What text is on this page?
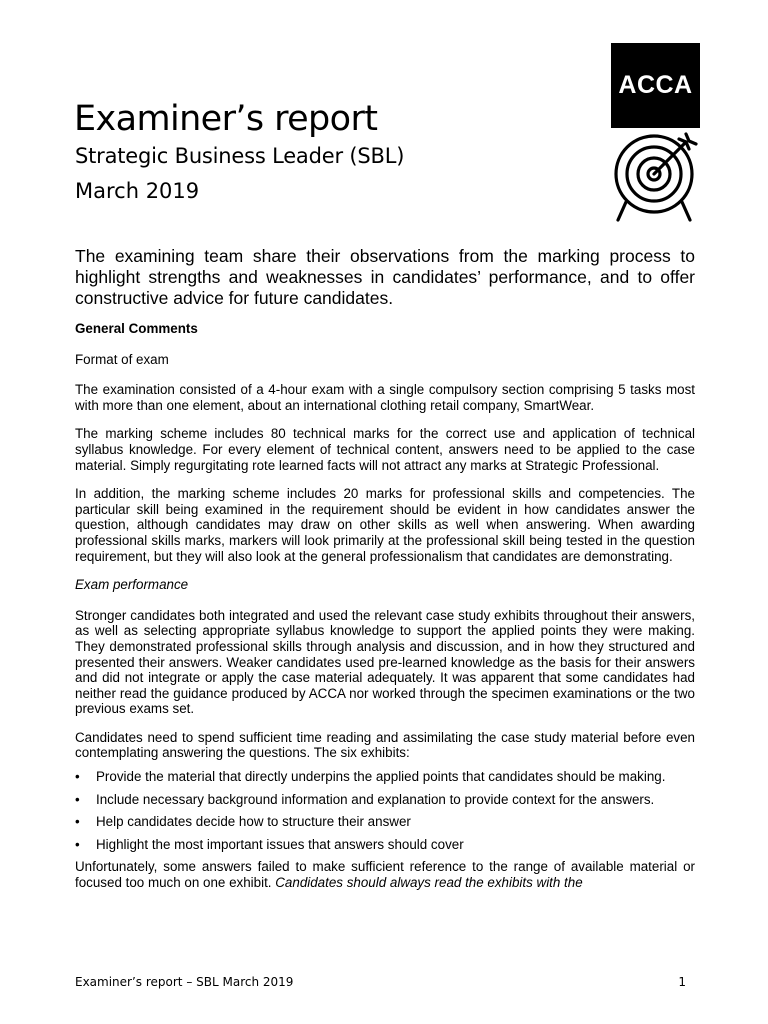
ACCA
Examiner’s report
Strategic Business Leader (SBL)
March 2019

The examining team share their observations from the marking process to highlight strengths and weaknesses in candidates’ performance, and to offer constructive advice for future candidates.

General Comments

Format of exam

The examination consisted of a 4-hour exam with a single compulsory section comprising 5 tasks most with more than one element, about an international clothing retail company, SmartWear.

The marking scheme includes 80 technical marks for the correct use and application of technical syllabus knowledge. For every element of technical content, answers need to be applied to the case material. Simply regurgitating rote learned facts will not attract any marks at Strategic Professional.

In addition, the marking scheme includes 20 marks for professional skills and competencies. The particular skill being examined in the requirement should be evident in how candidates answer the question, although candidates may draw on other skills as well when answering. When awarding professional skills marks, markers will look primarily at the professional skill being tested in the question requirement, but they will also look at the general professionalism that candidates are demonstrating.

Exam performance

Stronger candidates both integrated and used the relevant case study exhibits throughout their answers, as well as selecting appropriate syllabus knowledge to support the applied points they were making. They demonstrated professional skills through analysis and discussion, and in how they structured and presented their answers. Weaker candidates used pre-learned knowledge as the basis for their answers and did not integrate or apply the case material adequately. It was apparent that some candidates had neither read the guidance produced by ACCA nor worked through the specimen examinations or the two previous exams set.

Candidates need to spend sufficient time reading and assimilating the case study material before even contemplating answering the questions. The six exhibits:

• Provide the material that directly underpins the applied points that candidates should be making.
• Include necessary background information and explanation to provide context for the answers.
• Help candidates decide how to structure their answer
• Highlight the most important issues that answers should cover

Unfortunately, some answers failed to make sufficient reference to the range of available material or focused too much on one exhibit. Candidates should always read the exhibits with the

Examiner’s report – SBL March 2019	1
